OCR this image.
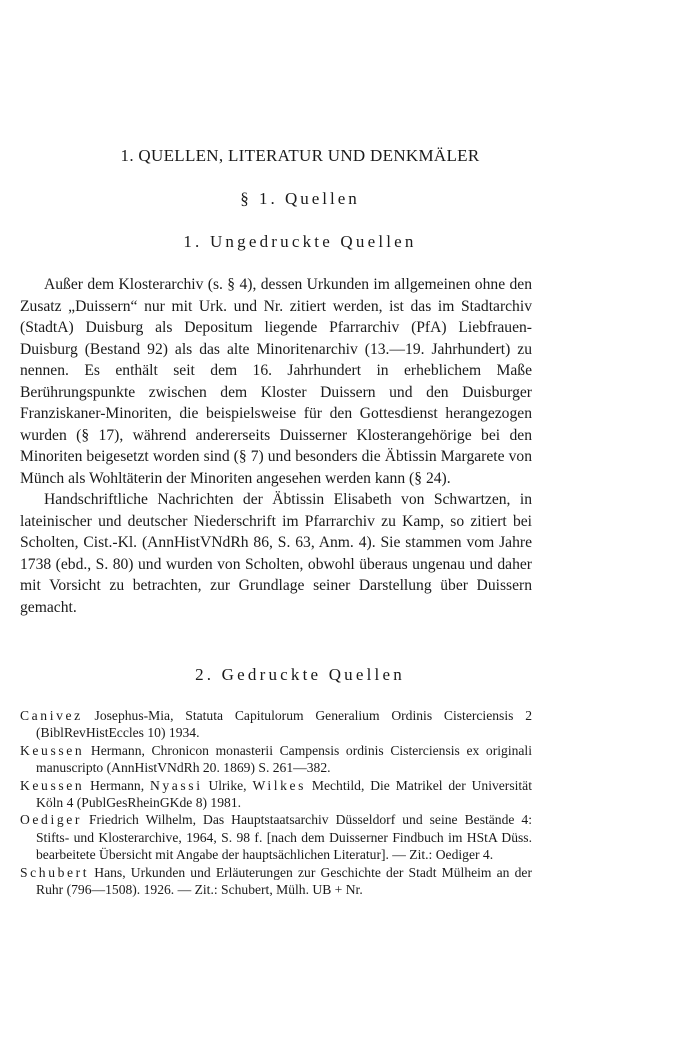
1. QUELLEN, LITERATUR UND DENKMÄLER
§ 1. Quellen
1. Ungedruckte Quellen

Außer dem Klosterarchiv (s. § 4), dessen Urkunden im allgemeinen ohne den Zusatz „Duissern“ nur mit Urk. und Nr. zitiert werden, ist das im Stadtarchiv (StadtA) Duisburg als Depositum liegende Pfarrarchiv (PfA) Liebfrauen-Duisburg (Bestand 92) als das alte Minoritenarchiv (13.—19. Jahrhundert) zu nennen. Es enthält seit dem 16. Jahrhundert in erheblichem Maße Berührungspunkte zwischen dem Kloster Duissern und den Duisburger Franziskaner-Minoriten, die beispielsweise für den Gottesdienst herangezogen wurden (§ 17), während andererseits Duisserner Klosterangehörige bei den Minoriten beigesetzt worden sind (§ 7) und besonders die Äbtissin Margarete von Münch als Wohltäterin der Minoriten angesehen werden kann (§ 24).

Handschriftliche Nachrichten der Äbtissin Elisabeth von Schwartzen, in lateinischer und deutscher Niederschrift im Pfarrarchiv zu Kamp, so zitiert bei Scholten, Cist.-Kl. (AnnHistVNdRh 86, S. 63, Anm. 4). Sie stammen vom Jahre 1738 (ebd., S. 80) und wurden von Scholten, obwohl überaus ungenau und daher mit Vorsicht zu betrachten, zur Grundlage seiner Darstellung über Duissern gemacht.

2. Gedruckte Quellen

Canivez Josephus-Mia, Statuta Capitulorum Generalium Ordinis Cisterciensis 2 (BiblRevHistEccles 10) 1934.

Keussen Hermann, Chronicon monasterii Campensis ordinis Cisterciensis ex originali manuscripto (AnnHistVNdRh 20. 1869) S. 261—382.

Keussen Hermann, Nyassi Ulrike, Wilkes Mechtild, Die Matrikel der Universität Köln 4 (PublGesRheinGKde 8) 1981.

Oediger Friedrich Wilhelm, Das Hauptstaatsarchiv Düsseldorf und seine Bestände 4: Stifts- und Klosterarchive, 1964, S. 98 f. [nach dem Duisserner Findbuch im HStA Düss. bearbeitete Übersicht mit Angabe der hauptsächlichen Literatur]. — Zit.: Oediger 4.

Schubert Hans, Urkunden und Erläuterungen zur Geschichte der Stadt Mülheim an der Ruhr (796—1508). 1926. — Zit.: Schubert, Mülh. UB + Nr.
